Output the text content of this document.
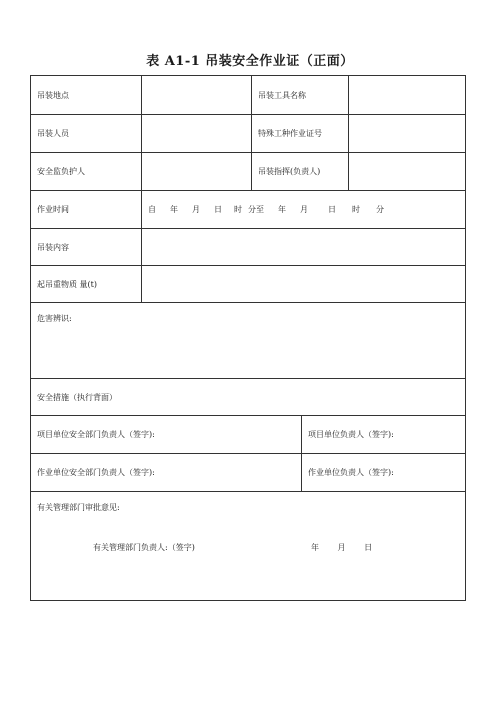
表 A1-1 吊装安全作业证（正面）
吊装地点	吊装工具名称
吊装人员	特殊工种作业证号
安全监负护人	吊装指挥(负责人)
作业时间	自	年	月	日	时 分至	年	月	日	时	分
吊装内容
起吊重物质 量(t)
危害辨识:
安全措施（执行背面）
项目单位安全部门负责人（签字):	项目单位负责人（签字):
作业单位安全部门负责人（签字):	作业单位负责人（签字):
有关管理部门审批意见:
有关管理部门负责人:（签字)	年 月 日
